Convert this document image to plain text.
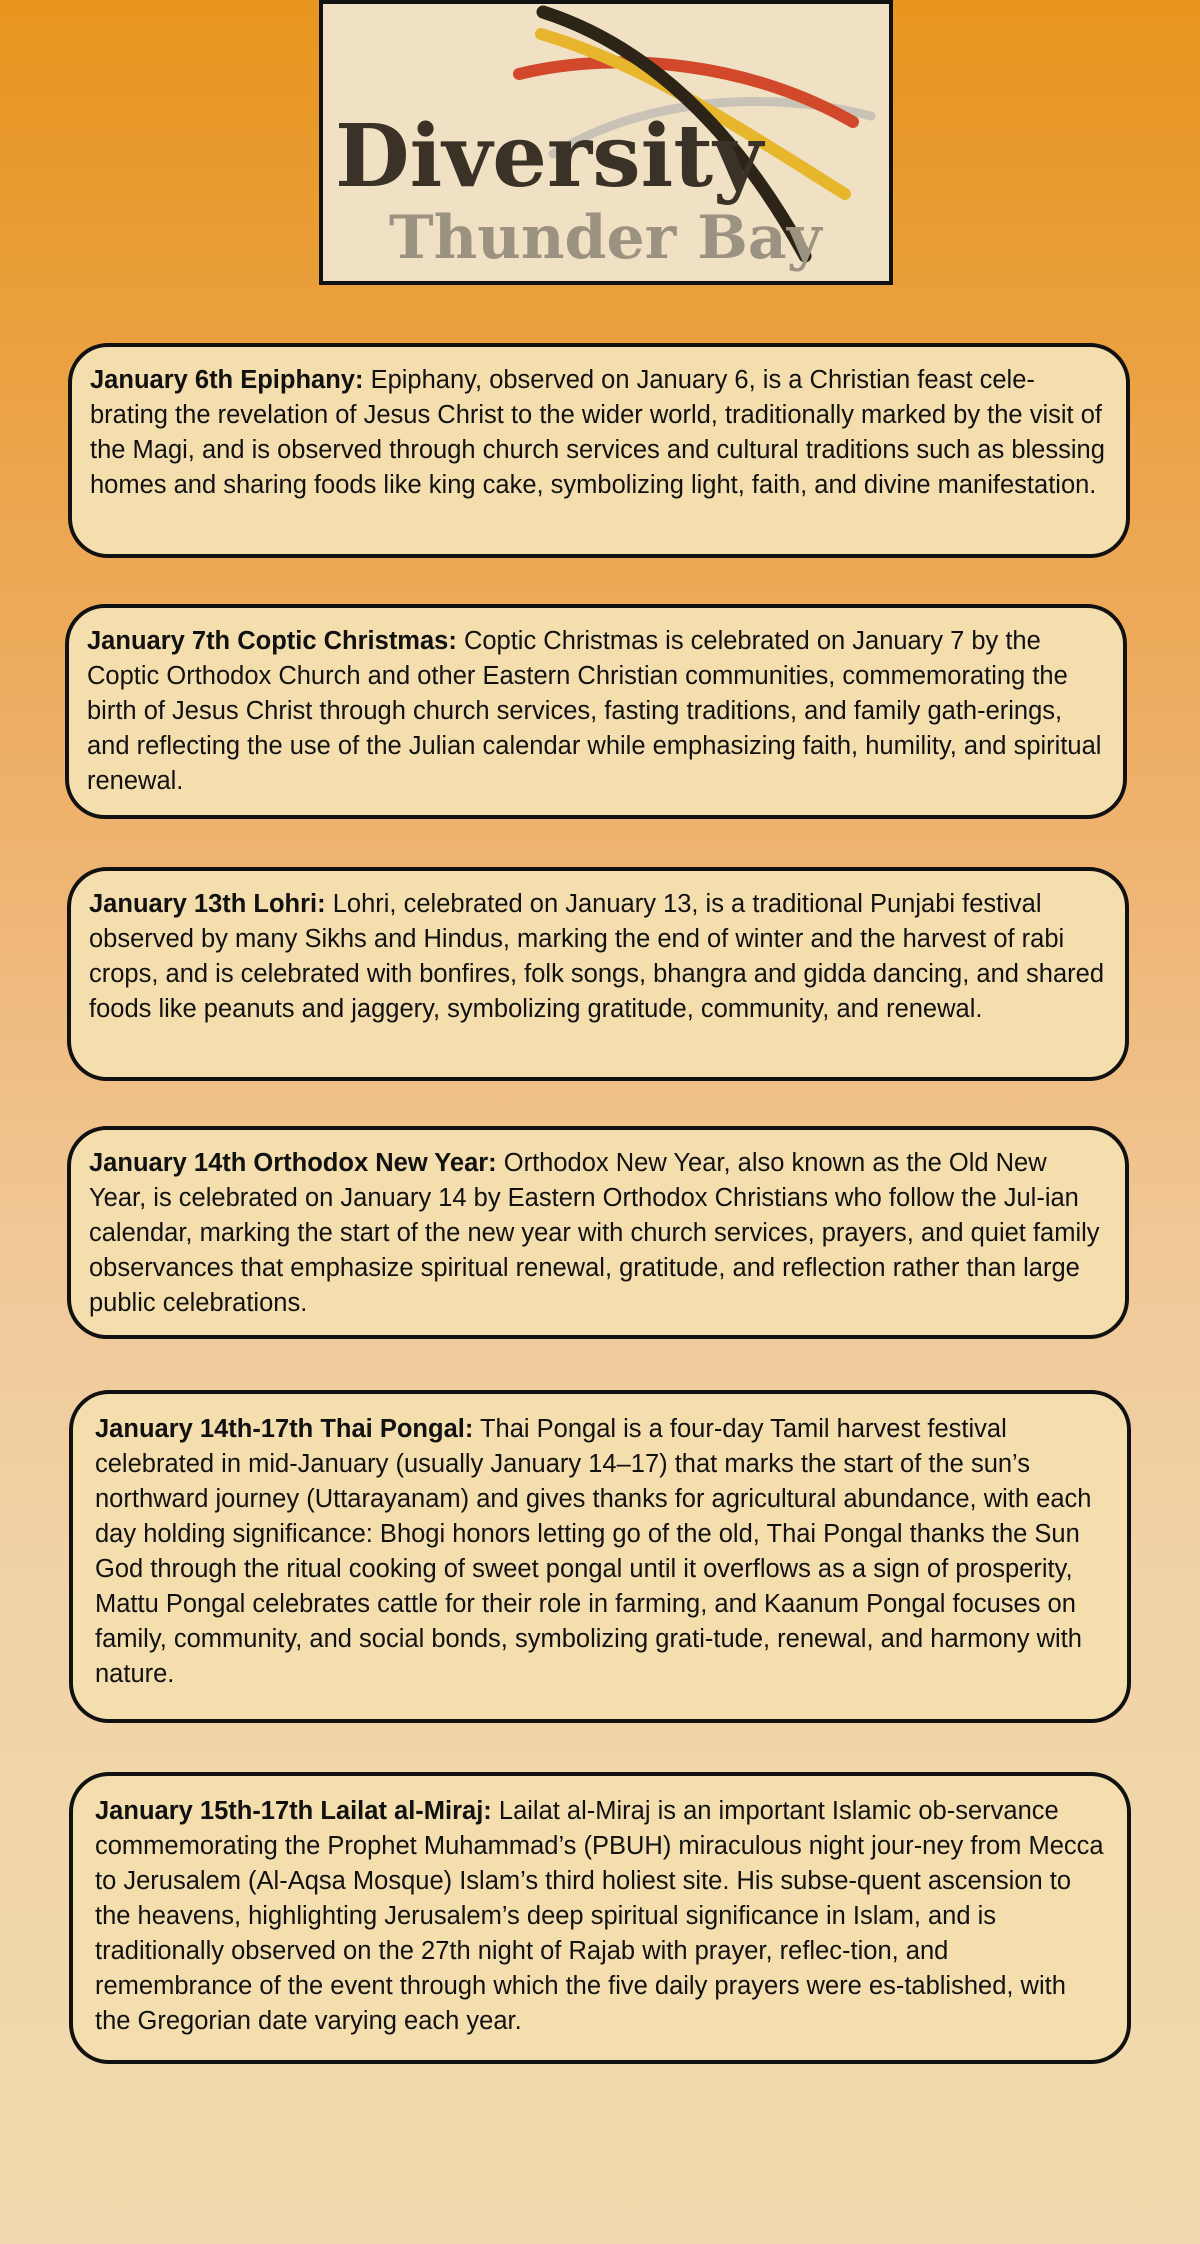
Diversity
Thunder Bay
January 6th Epiphany: Epiphany, observed on January 6, is a Christian feast cele-brating the revelation of Jesus Christ to the wider world, traditionally marked by the visit of the Magi, and is observed through church services and cultural traditions such as blessing homes and sharing foods like king cake, symbolizing light, faith, and divine manifestation.
January 7th Coptic Christmas: Coptic Christmas is celebrated on January 7 by the Coptic Orthodox Church and other Eastern Christian communities, commemorating the birth of Jesus Christ through church services, fasting traditions, and family gath-erings, and reflecting the use of the Julian calendar while emphasizing faith, humility, and spiritual renewal.
January 13th Lohri: Lohri, celebrated on January 13, is a traditional Punjabi festival observed by many Sikhs and Hindus, marking the end of winter and the harvest of rabi crops, and is celebrated with bonfires, folk songs, bhangra and gidda dancing, and shared foods like peanuts and jaggery, symbolizing gratitude, community, and renewal.
January 14th Orthodox New Year: Orthodox New Year, also known as the Old New Year, is celebrated on January 14 by Eastern Orthodox Christians who follow the Jul-ian calendar, marking the start of the new year with church services, prayers, and quiet family observances that emphasize spiritual renewal, gratitude, and reflection rather than large public celebrations.
January 14th-17th Thai Pongal: Thai Pongal is a four-day Tamil harvest festival celebrated in mid-January (usually January 14–17) that marks the start of the sun’s northward journey (Uttarayanam) and gives thanks for agricultural abundance, with each day holding significance: Bhogi honors letting go of the old, Thai Pongal thanks the Sun God through the ritual cooking of sweet pongal until it overflows as a sign of prosperity, Mattu Pongal celebrates cattle for their role in farming, and Kaanum Pongal focuses on family, community, and social bonds, symbolizing grati-tude, renewal, and harmony with nature.
January 15th-17th Lailat al-Miraj: Lailat al-Miraj is an important Islamic ob-servance commemorating the Prophet Muhammad’s (PBUH) miraculous night jour-ney from Mecca to Jerusalem (Al-Aqsa Mosque) Islam’s third holiest site. His subse-quent ascension to the heavens, highlighting Jerusalem’s deep spiritual significance in Islam, and is traditionally observed on the 27th night of Rajab with prayer, reflec-tion, and remembrance of the event through which the five daily prayers were es-tablished, with the Gregorian date varying each year.
